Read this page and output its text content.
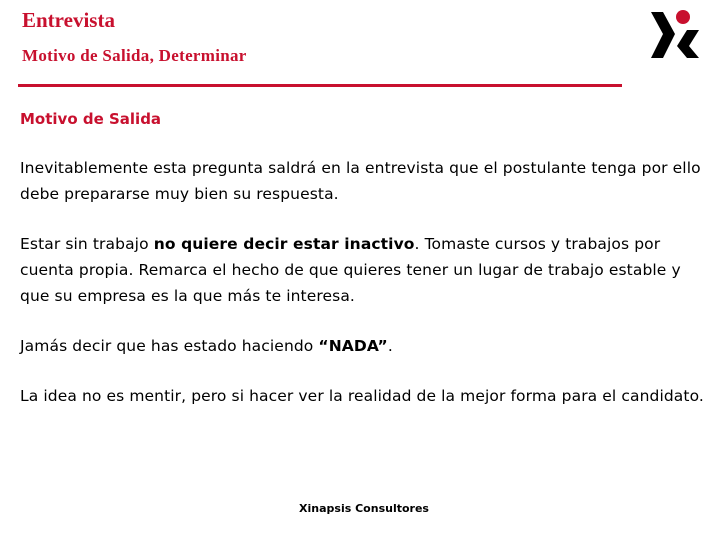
Entrevista
Motivo de Salida, Determinar

Motivo de Salida

Inevitablemente esta pregunta saldrá en la entrevista que el postulante tenga por ello debe prepararse muy bien su respuesta.

Estar sin trabajo no quiere decir estar inactivo. Tomaste cursos y trabajos por cuenta propia. Remarca el hecho de que quieres tener un lugar de trabajo estable y que su empresa es la que más te interesa.

Jamás decir que has estado haciendo “NADA”.

La idea no es mentir, pero si hacer ver la realidad de la mejor forma para el candidato.

Xinapsis Consultores
